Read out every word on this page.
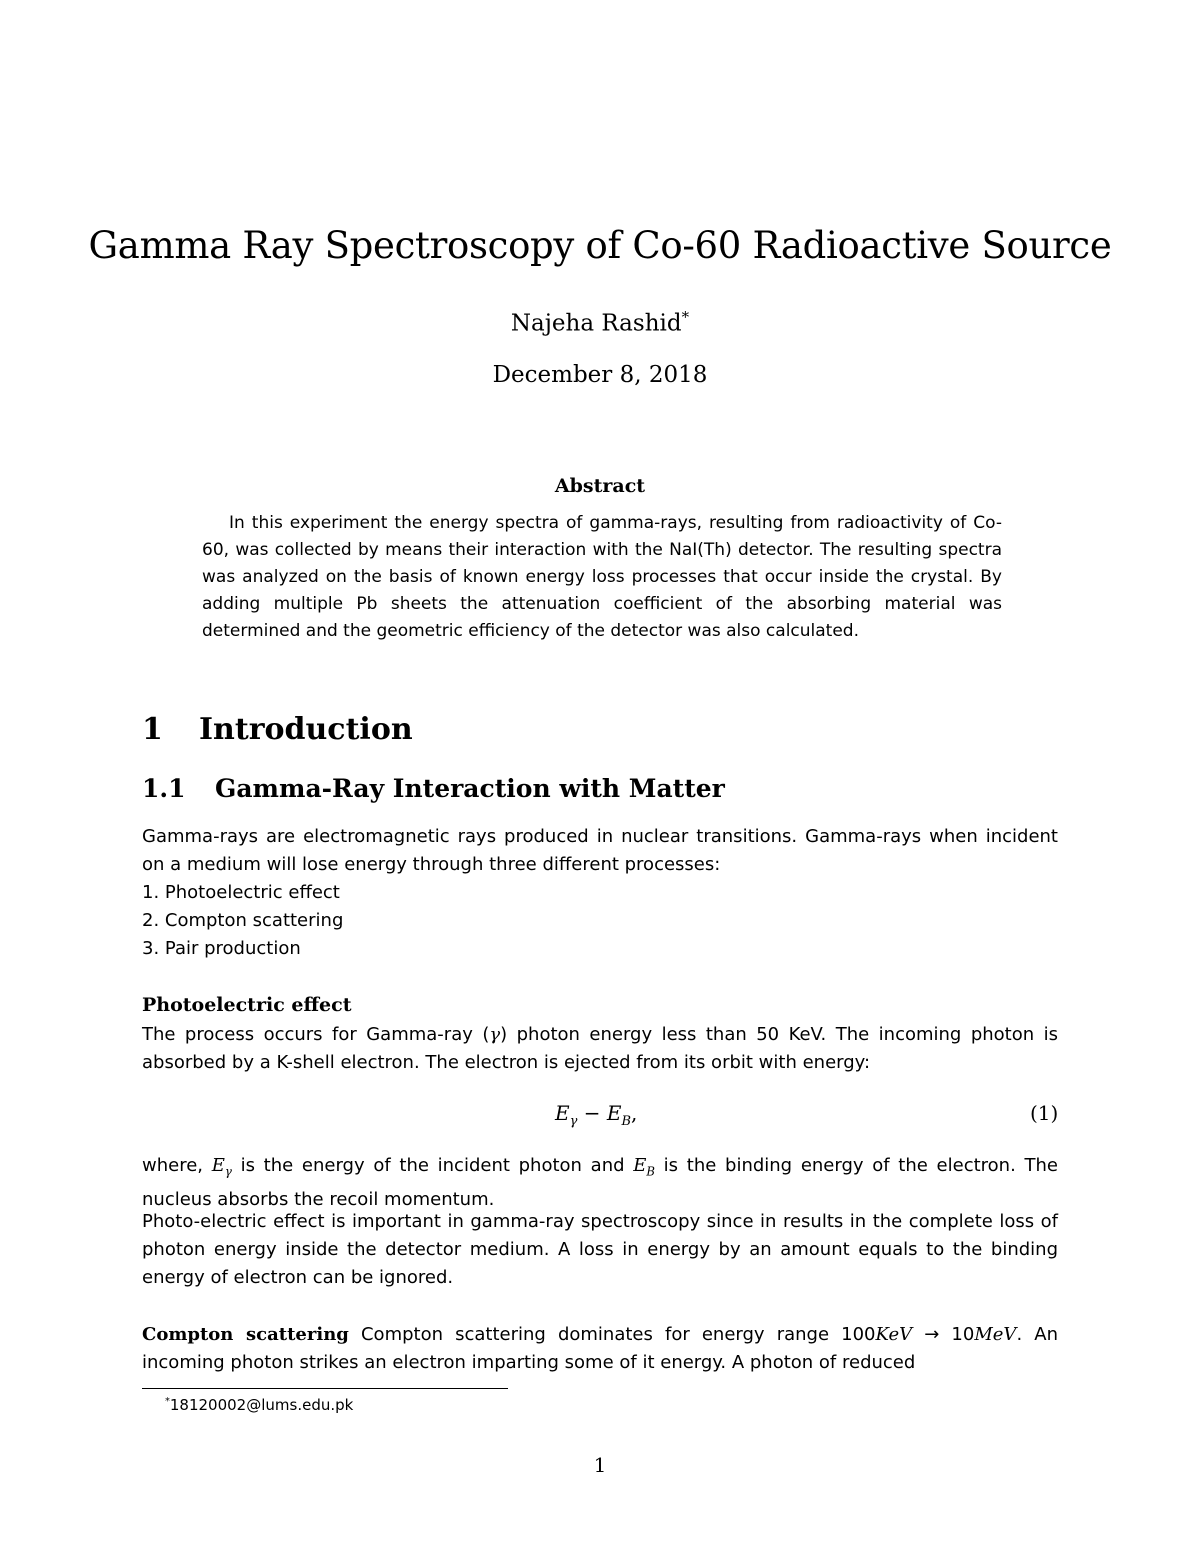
Gamma Ray Spectroscopy of Co-60 Radioactive Source
Najeha Rashid*
December 8, 2018
Abstract

In this experiment the energy spectra of gamma-rays, resulting from radioactivity of Co-60, was collected by means their interaction with the NaI(Th) detector. The resulting spectra was analyzed on the basis of known energy loss processes that occur inside the crystal. By adding multiple Pb sheets the attenuation coefficient of the absorbing material was determined and the geometric efficiency of the detector was also calculated.

1 Introduction
1.1 Gamma-Ray Interaction with Matter
Gamma-rays are electromagnetic rays produced in nuclear transitions. Gamma-rays when incident on a medium will lose energy through three different processes:
1. Photoelectric effect
2. Compton scattering
3. Pair production
Photoelectric effect

The process occurs for Gamma-ray (γ) photon energy less than 50 KeV. The incoming photon is absorbed by a K-shell electron. The electron is ejected from its orbit with energy:

$E_\gamma - E_B$,	(1)

where, $E_\gamma$ is the energy of the incident photon and $E_B$ is the binding energy of the electron. The nucleus absorbs the recoil momentum.

Photo-electric effect is important in gamma-ray spectroscopy since in results in the complete loss of photon energy inside the detector medium. A loss in energy by an amount equals to the binding energy of electron can be ignored.

Compton scattering Compton scattering dominates for energy range 100KeV → 10MeV. An incoming photon strikes an electron imparting some of it energy. A photon of reduced

*18120002@lums.edu.pk
1
